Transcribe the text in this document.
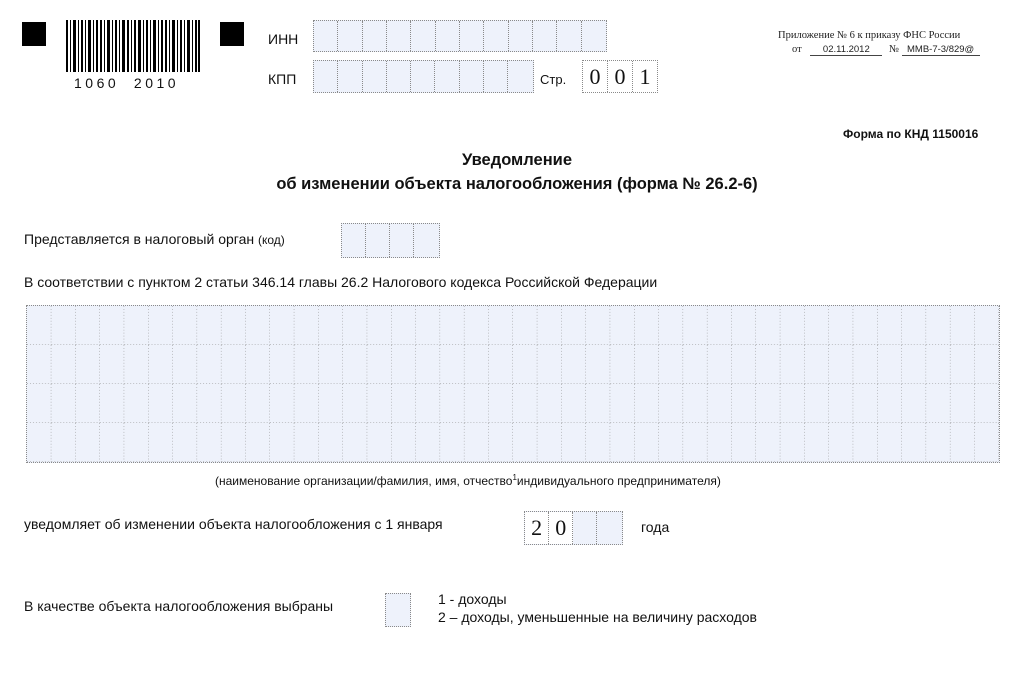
1060  2010
ИНН
КПП	Стр. 0 0 1
Приложение № 6 к приказу ФНС России
от 02.11.2012 № ММВ-7-3/829@
Форма по КНД 1150016
Уведомление
об изменении объекта налогообложения (форма № 26.2-6)
Представляется в налоговый орган (код)
В соответствии с пунктом 2 статьи 346.14 главы 26.2 Налогового кодекса Российской Федерации
(наименование организации/фамилия, имя, отчество$^1$индивидуального предпринимателя)
уведомляет об изменении объекта налогообложения с 1 января	2 0	года
В качестве объекта налогообложения выбраны	1 - доходы
2 – доходы, уменьшенные на величину расходов
